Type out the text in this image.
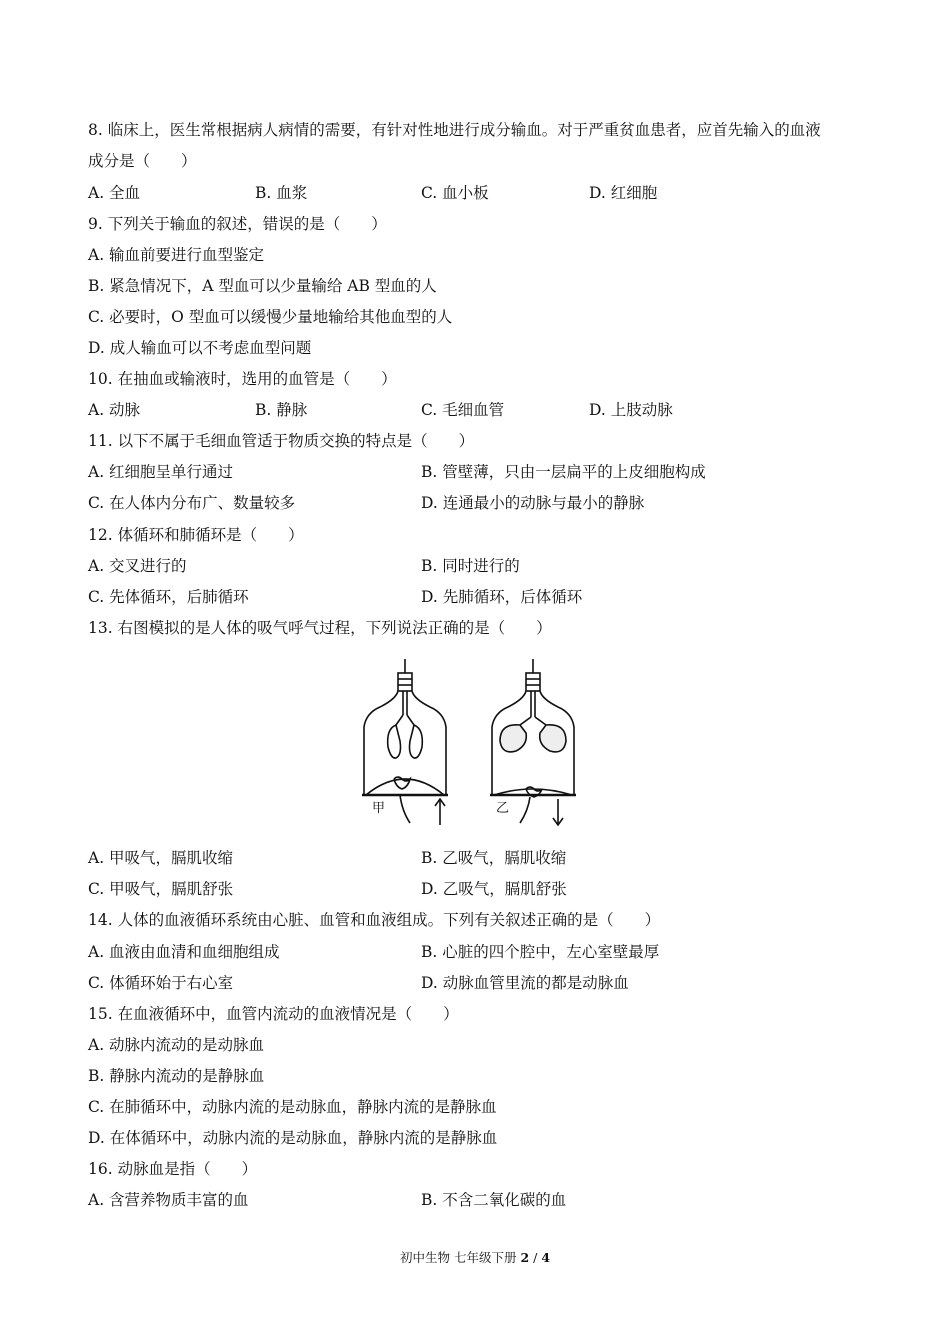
8. 临床上，医生常根据病人病情的需要，有针对性地进行成分输血。对于严重贫血患者，应首先输入的血液
成分是（　　）
A. 全血	B. 血浆	C. 血小板	D. 红细胞
9. 下列关于输血的叙述，错误的是（　　）
A. 输血前要进行血型鉴定
B. 紧急情况下，A 型血可以少量输给 AB 型血的人
C. 必要时，O 型血可以缓慢少量地输给其他血型的人
D. 成人输血可以不考虑血型问题
10. 在抽血或输液时，选用的血管是（　　）
A. 动脉	B. 静脉	C. 毛细血管	D. 上肢动脉
11. 以下不属于毛细血管适于物质交换的特点是（　　）
A. 红细胞呈单行通过	B. 管壁薄，只由一层扁平的上皮细胞构成
C. 在人体内分布广、数量较多	D. 连通最小的动脉与最小的静脉
12. 体循环和肺循环是（　　）
A. 交叉进行的	B. 同时进行的
C. 先体循环，后肺循环	D. 先肺循环，后体循环
13. 右图模拟的是人体的吸气呼气过程，下列说法正确的是（　　）
甲	乙
A. 甲吸气，膈肌收缩	B. 乙吸气，膈肌收缩
C. 甲吸气，膈肌舒张	D. 乙吸气，膈肌舒张
14. 人体的血液循环系统由心脏、血管和血液组成。下列有关叙述正确的是（　　）
A. 血液由血清和血细胞组成	B. 心脏的四个腔中，左心室壁最厚
C. 体循环始于右心室	D. 动脉血管里流的都是动脉血
15. 在血液循环中，血管内流动的血液情况是（　　）
A. 动脉内流动的是动脉血
B. 静脉内流动的是静脉血
C. 在肺循环中，动脉内流的是动脉血，静脉内流的是静脉血
D. 在体循环中，动脉内流的是动脉血，静脉内流的是静脉血
16. 动脉血是指（　　）
A. 含营养物质丰富的血	B. 不含二氧化碳的血
初中生物 七年级下册 2 / 4
